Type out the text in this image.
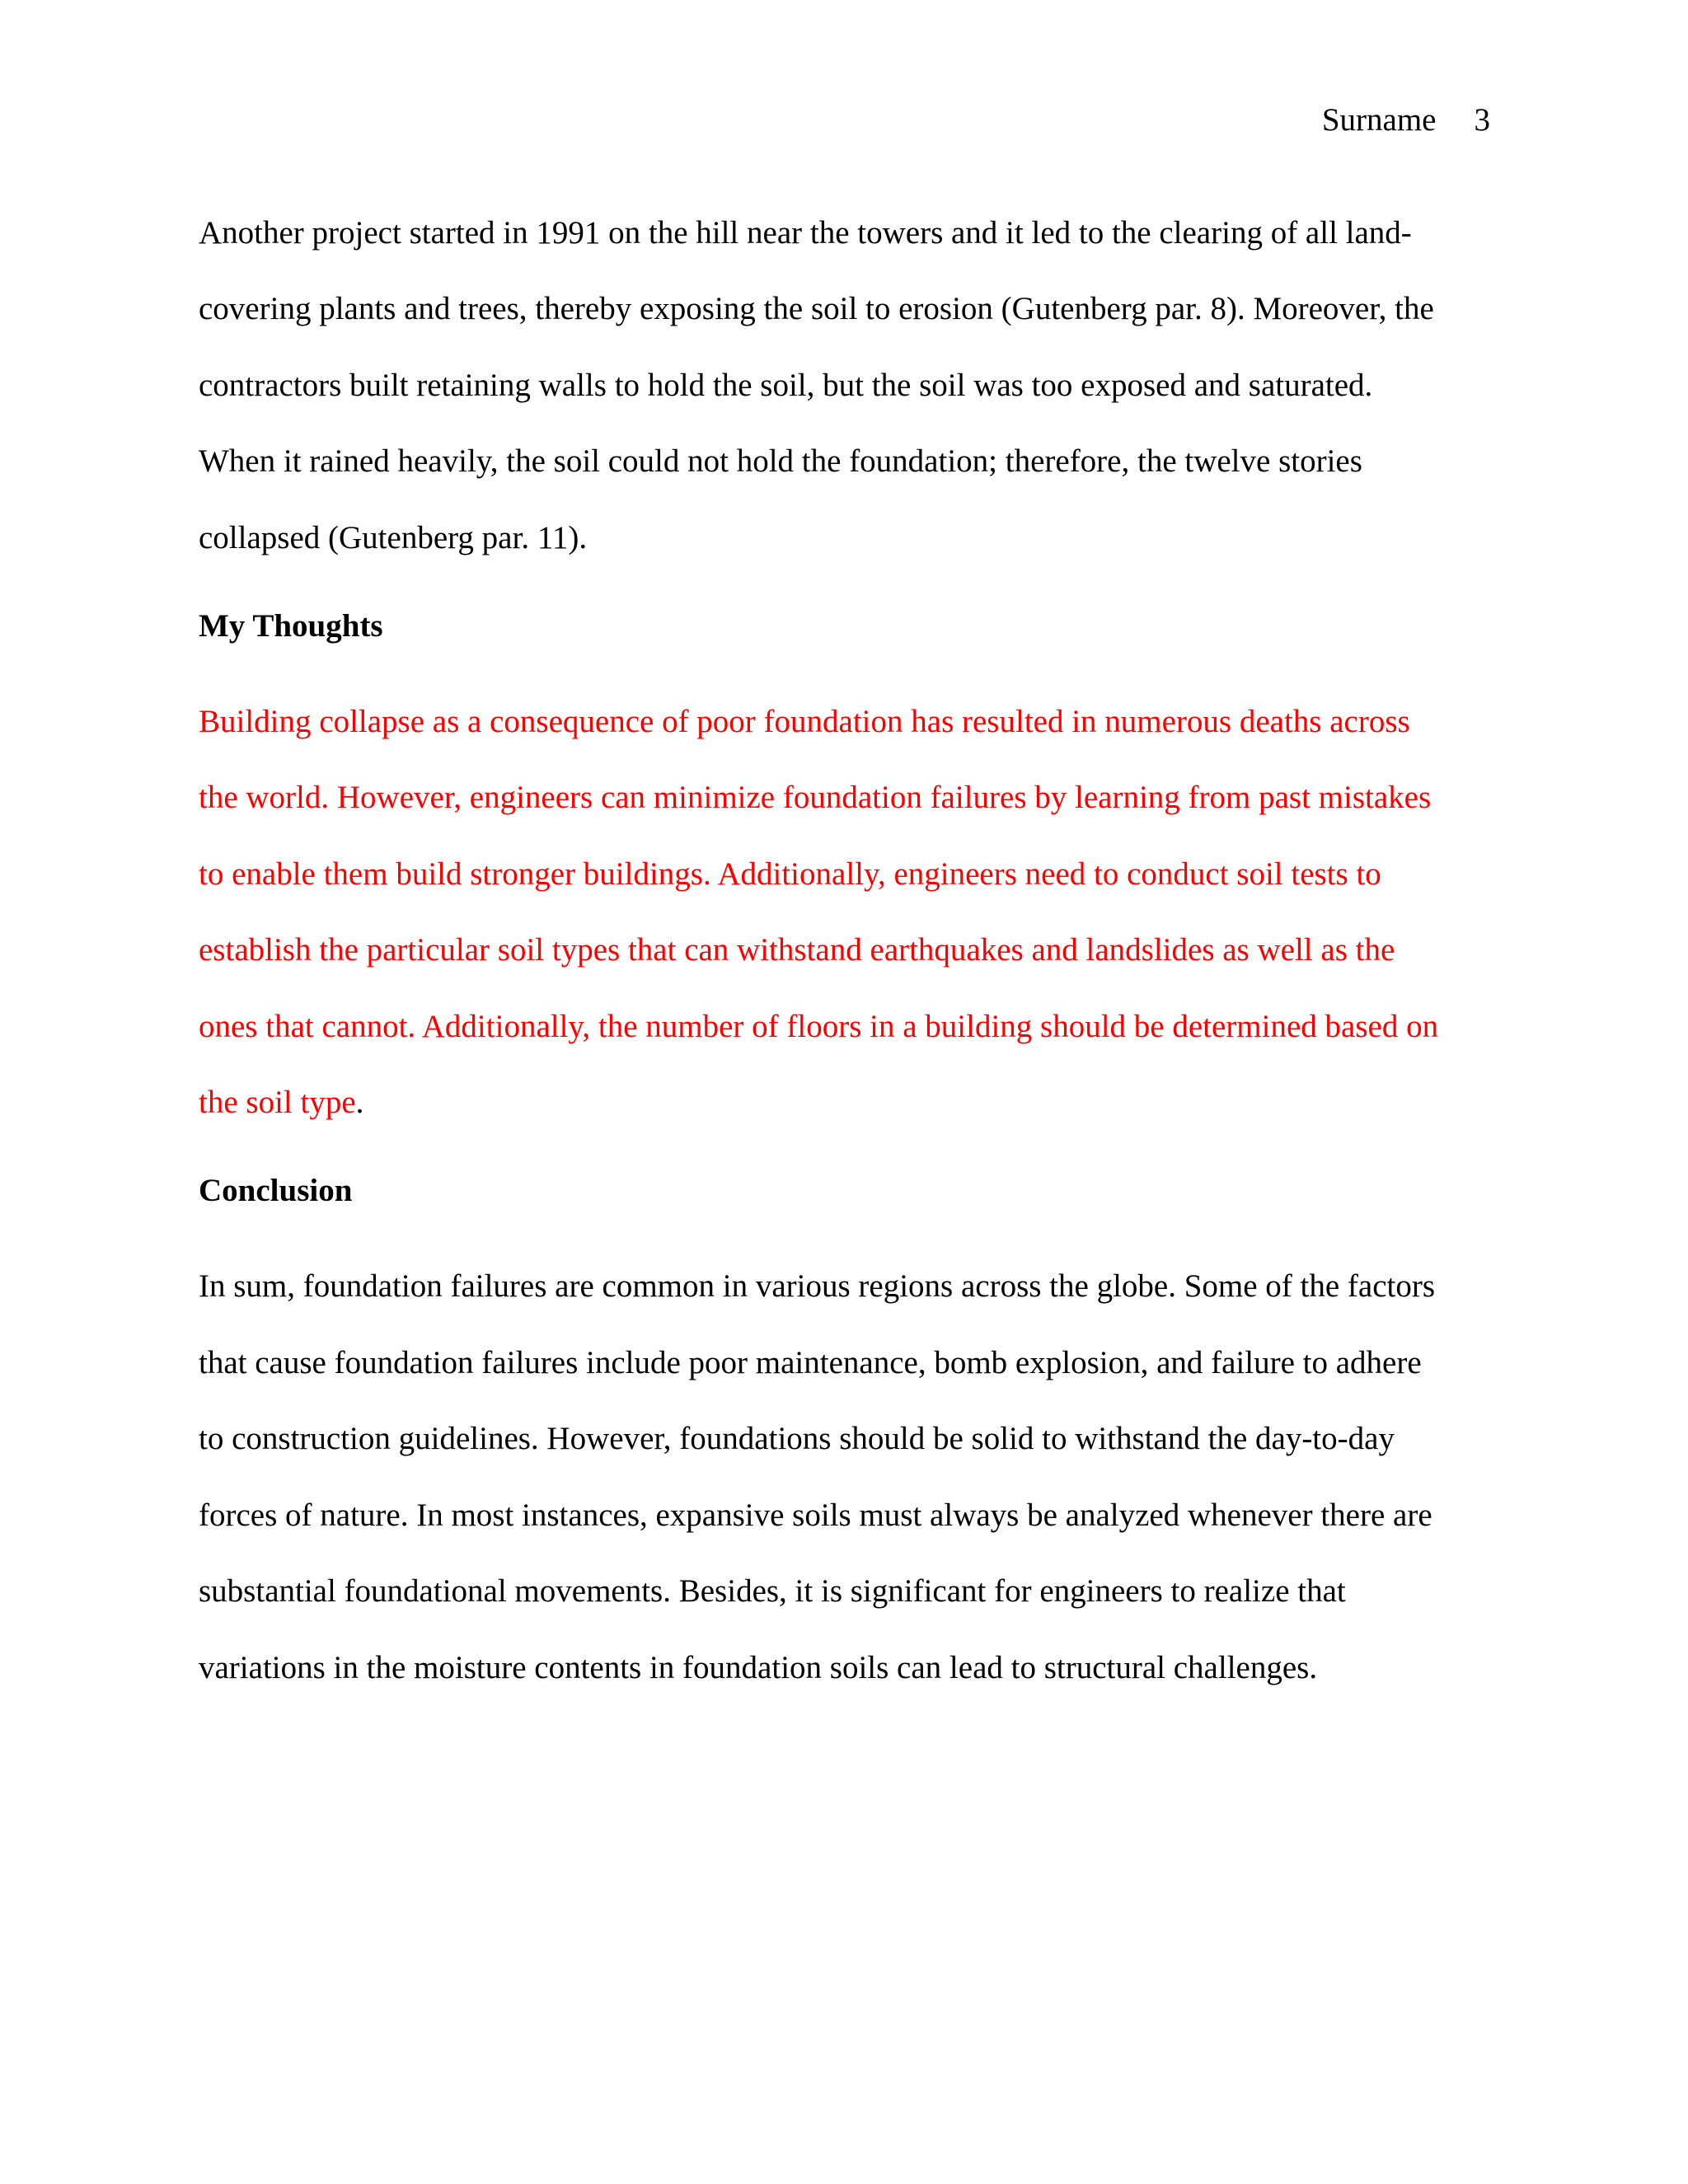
Surname 3

Another project started in 1991 on the hill near the towers and it led to the clearing of all land-
covering plants and trees, thereby exposing the soil to erosion (Gutenberg par. 8). Moreover, the
contractors built retaining walls to hold the soil, but the soil was too exposed and saturated.
When it rained heavily, the soil could not hold the foundation; therefore, the twelve stories
collapsed (Gutenberg par. 11).

My Thoughts

Building collapse as a consequence of poor foundation has resulted in numerous deaths across
the world. However, engineers can minimize foundation failures by learning from past mistakes
to enable them build stronger buildings. Additionally, engineers need to conduct soil tests to
establish the particular soil types that can withstand earthquakes and landslides as well as the
ones that cannot. Additionally, the number of floors in a building should be determined based on
the soil type.

Conclusion

In sum, foundation failures are common in various regions across the globe. Some of the factors
that cause foundation failures include poor maintenance, bomb explosion, and failure to adhere
to construction guidelines. However, foundations should be solid to withstand the day-to-day
forces of nature. In most instances, expansive soils must always be analyzed whenever there are
substantial foundational movements. Besides, it is significant for engineers to realize that
variations in the moisture contents in foundation soils can lead to structural challenges.
